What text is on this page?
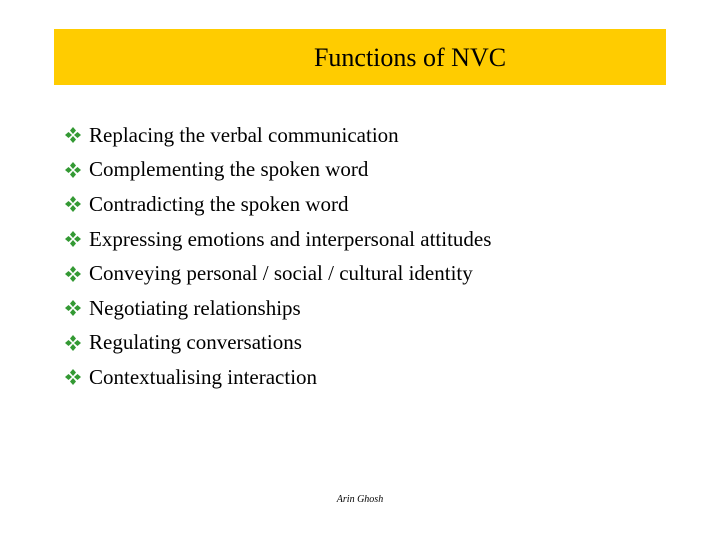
Functions of NVC
Replacing the verbal communication
Complementing the spoken word
Contradicting the spoken word
Expressing emotions and interpersonal attitudes
Conveying personal / social / cultural identity
Negotiating relationships
Regulating conversations
Contextualising interaction
Arin Ghosh
